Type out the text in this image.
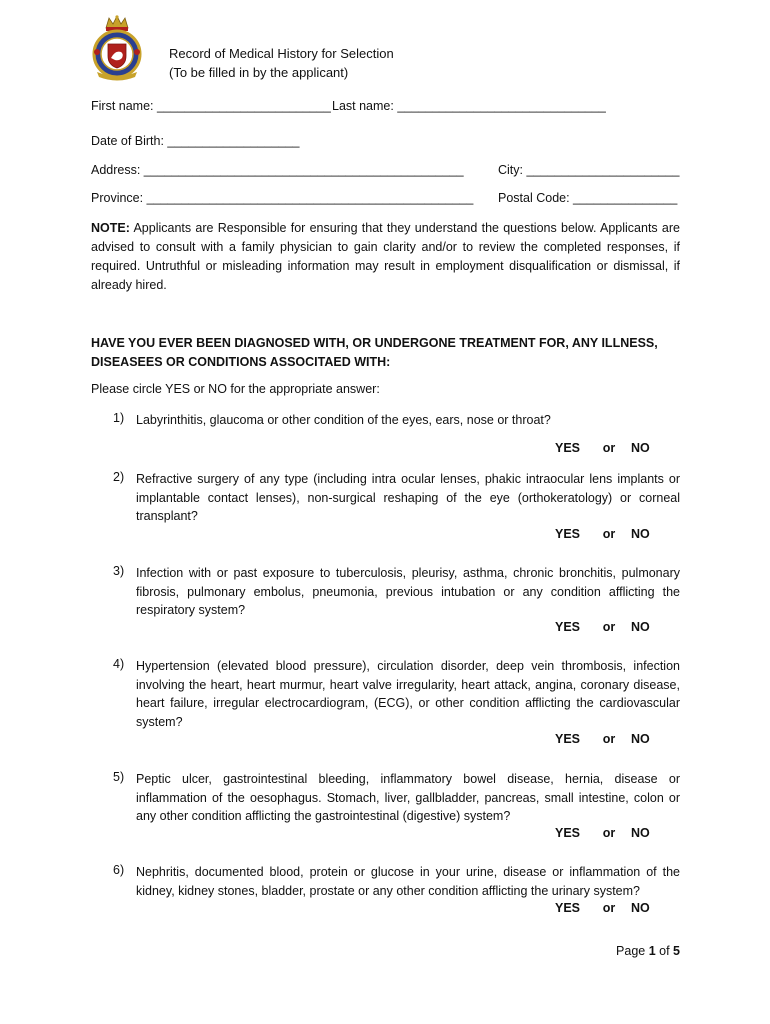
Record of Medical History for Selection
(To be filled in by the applicant)
First name: _________________________ Last name: ______________________________
Date of Birth: ___________________
Address: ______________________________________________	City: ______________________
Province: _______________________________________________ Postal Code: _______________
NOTE: Applicants are Responsible for ensuring that they understand the questions below. Applicants are advised to consult with a family physician to gain clarity and/or to review the completed responses, if required. Untruthful or misleading information may result in employment disqualification or dismissal, if already hired.
HAVE YOU EVER BEEN DIAGNOSED WITH, OR UNDERGONE TREATMENT FOR, ANY ILLNESS, DISEASEES OR CONDITIONS ASSOCITAED WITH:
Please circle YES or NO for the appropriate answer:
1) Labyrinthitis, glaucoma or other condition of the eyes, ears, nose or throat?
YES or NO
2) Refractive surgery of any type (including intra ocular lenses, phakic intraocular lens implants or implantable contact lenses), non-surgical reshaping of the eye (orthokeratology) or corneal transplant?
YES or NO
3) Infection with or past exposure to tuberculosis, pleurisy, asthma, chronic bronchitis, pulmonary fibrosis, pulmonary embolus, pneumonia, previous intubation or any condition afflicting the respiratory system?
YES or NO
4) Hypertension (elevated blood pressure), circulation disorder, deep vein thrombosis, infection involving the heart, heart murmur, heart valve irregularity, heart attack, angina, coronary disease, heart failure, irregular electrocardiogram, (ECG), or other condition afflicting the cardiovascular system?
YES or NO
5) Peptic ulcer, gastrointestinal bleeding, inflammatory bowel disease, hernia, disease or inflammation of the oesophagus. Stomach, liver, gallbladder, pancreas, small intestine, colon or any other condition afflicting the gastrointestinal (digestive) system?
YES or NO
6) Nephritis, documented blood, protein or glucose in your urine, disease or inflammation of the kidney, kidney stones, bladder, prostate or any other condition afflicting the urinary system?
YES or NO
Page 1 of 5
